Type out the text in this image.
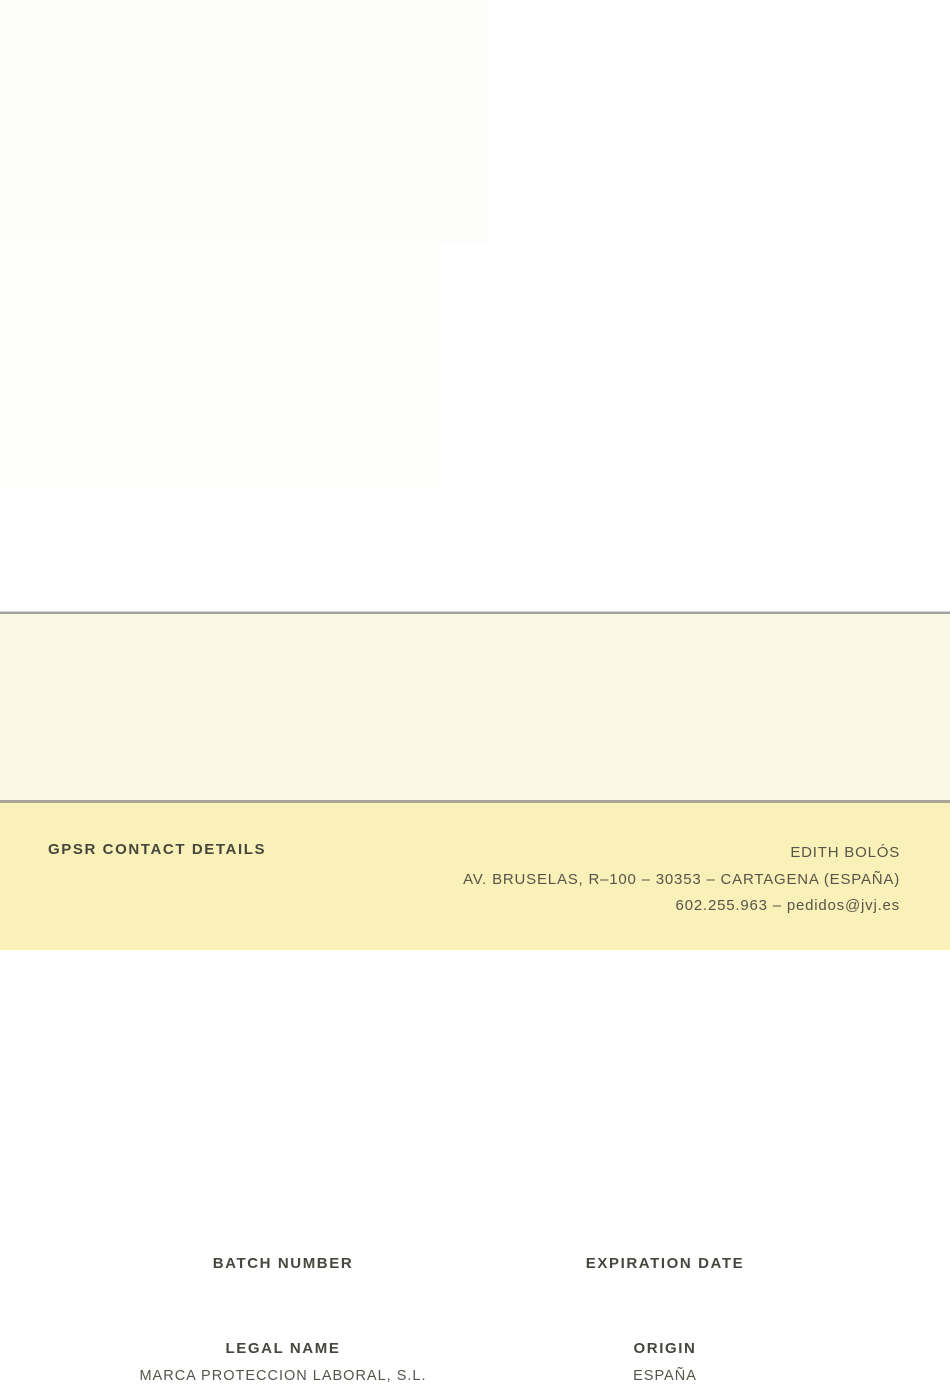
BATCH NUMBER	EXPIRATION DATE
LEGAL NAME
MARCA PROTECCION LABORAL, S.L.
ORIGIN
ESPAÑA
GPSR CONTACT DETAILS	EDITH BOLÓS
AV. BRUSELAS, R–100 – 30353 – CARTAGENA (ESPAÑA)
602.255.963 – pedidos@jvj.es
